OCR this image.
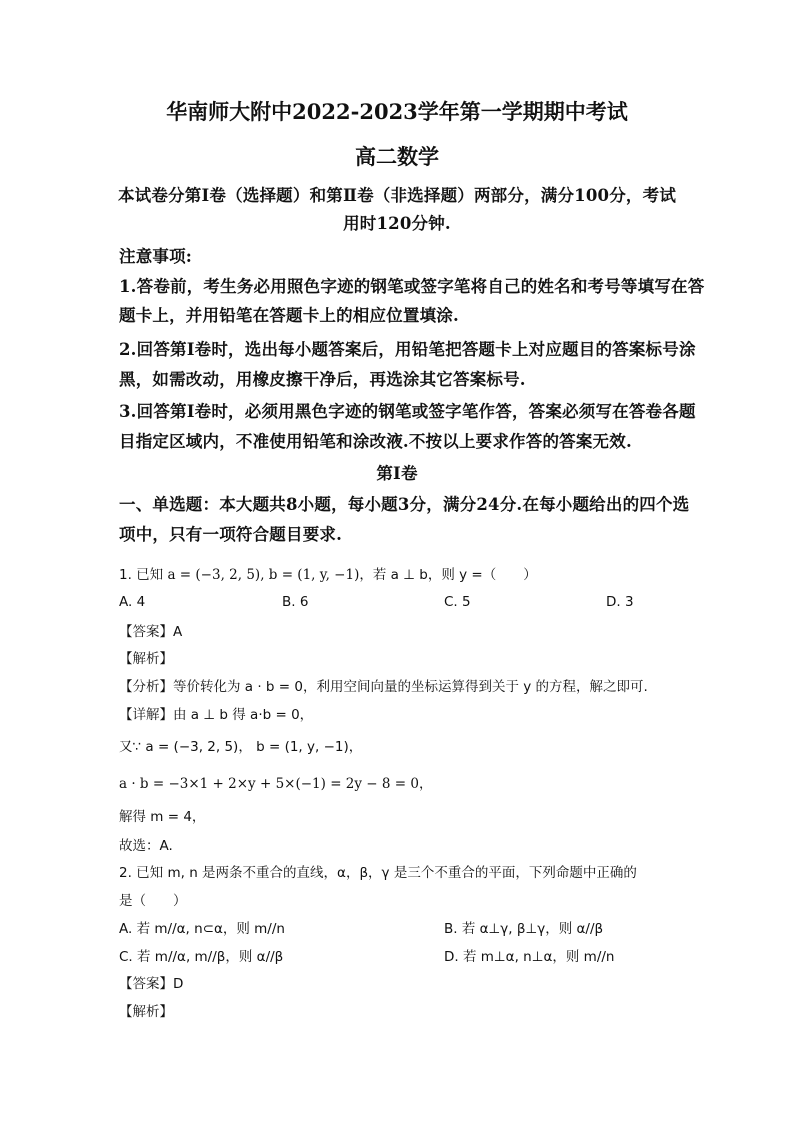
华南师大附中2022-2023学年第一学期期中考试
高二数学
本试卷分第Ⅰ卷（选择题）和第Ⅱ卷（非选择题）两部分，满分100分，考试
用时120分钟.
注意事项:
1.答卷前，考生务必用照色字迹的钢笔或签字笔将自己的姓名和考号等填写在答
题卡上，并用铅笔在答题卡上的相应位置填涂.
2.回答第Ⅰ卷时，选出每小题答案后，用铅笔把答题卡上对应题目的答案标号涂
黑，如需改动，用橡皮擦干净后，再选涂其它答案标号.
3.回答第Ⅰ卷时，必须用黑色字迹的钢笔或签字笔作答，答案必须写在答卷各题
目指定区域内，不准使用铅笔和涂改液.不按以上要求作答的答案无效.
第Ⅰ卷
一、单选题：本大题共8小题，每小题3分，满分24分.在每小题给出的四个选
项中，只有一项符合题目要求.
1. 已知 a = (−3, 2, 5), b = (1, y, −1)，若 a ⊥ b，则 y =（　　）
A. 4	B. 6	C. 5	D. 3
【答案】A
【解析】
【分析】等价转化为 a · b = 0，利用空间向量的坐标运算得到关于 y 的方程，解之即可.
【详解】由 a ⊥ b 得 a·b = 0，
又∵ a = (−3, 2, 5)， b = (1, y, −1)，
a · b = −3×1 + 2×y + 5×(−1) = 2y − 8 = 0，
解得 m = 4，
故选：A.
2. 已知 m, n 是两条不重合的直线，α，β，γ 是三个不重合的平面，下列命题中正确的
是（　　）
A. 若 m//α, n⊂α，则 m//n	B. 若 α⊥γ, β⊥γ，则 α//β
C. 若 m//α, m//β，则 α//β	D. 若 m⊥α, n⊥α，则 m//n
【答案】D
【解析】
